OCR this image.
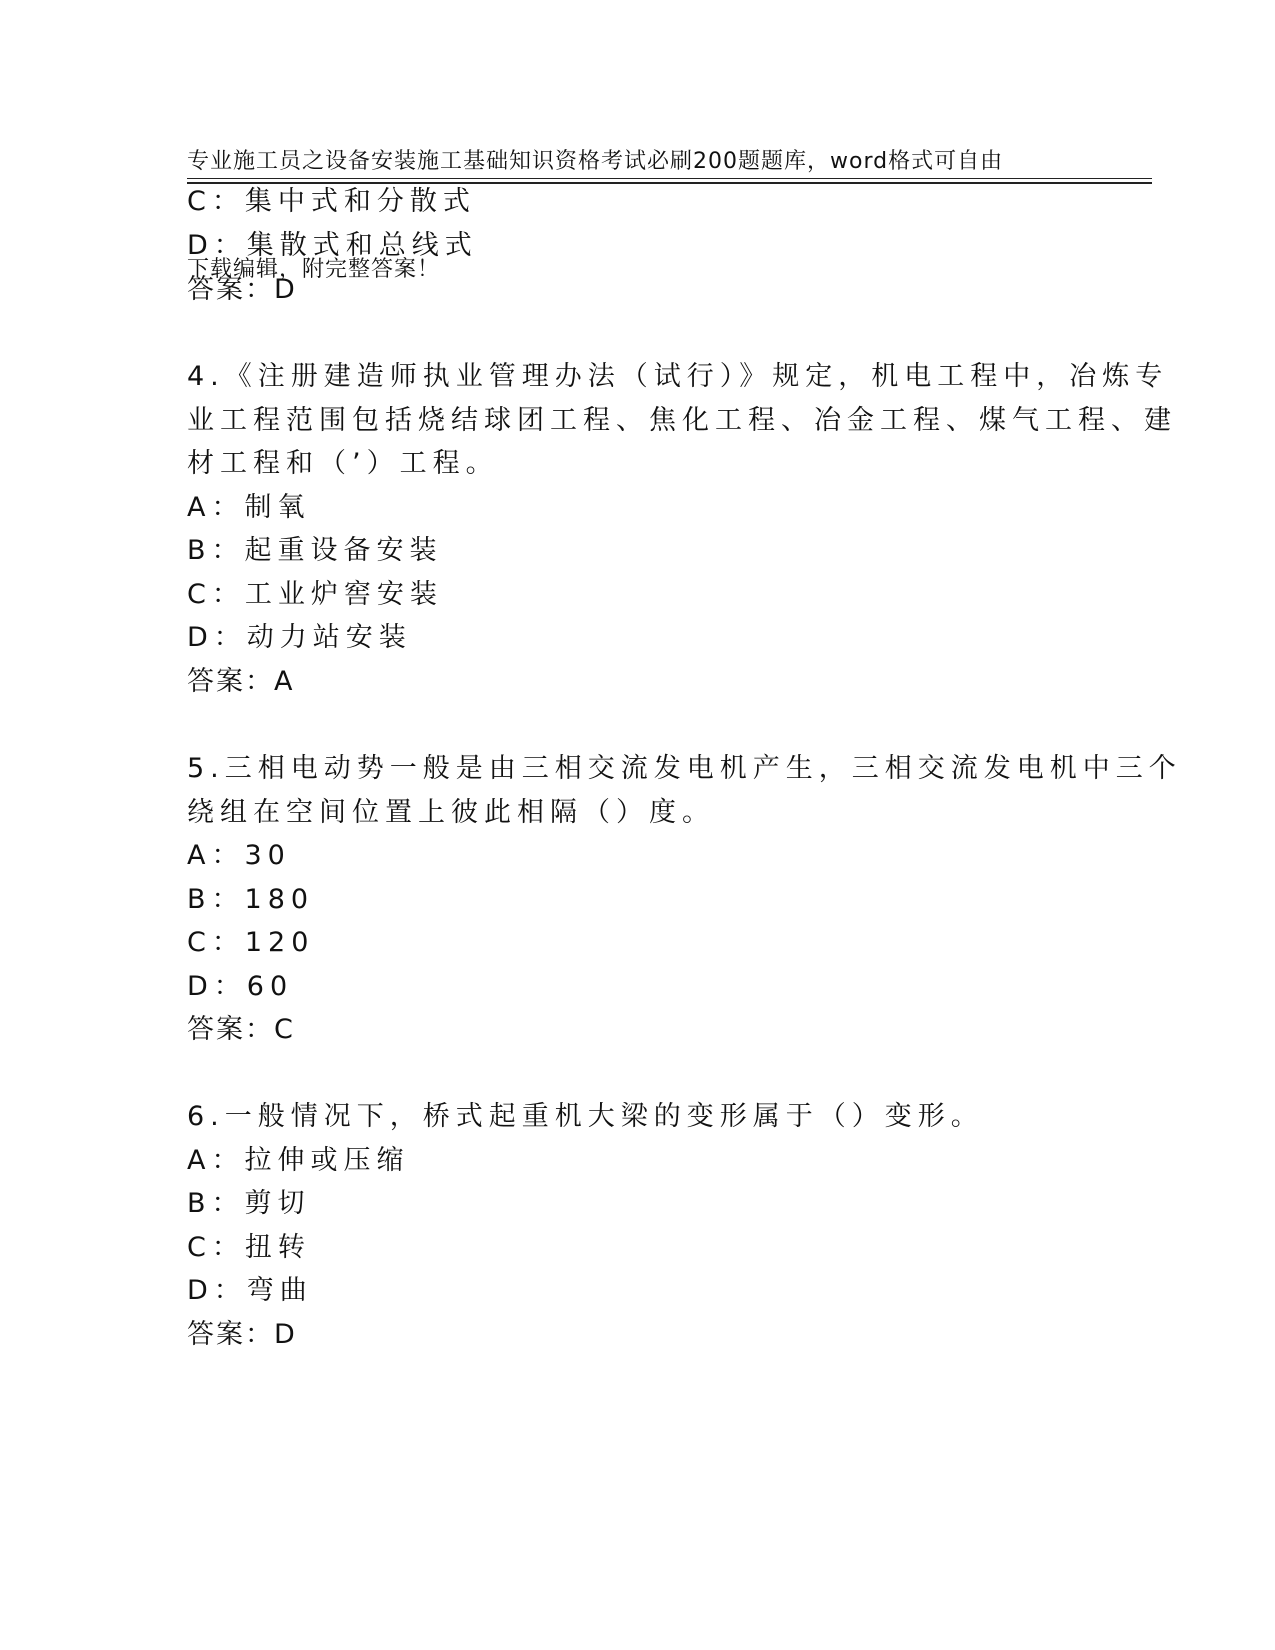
专业施工员之设备安装施工基础知识资格考试必刷200题题库，word格式可自由

下载编辑，附完整答案！

C：集中式和分散式
D：集散式和总线式
答案：D
4.《注册建造师执业管理办法（试行）》规定，机电工程中，冶炼专
业工程范围包括烧结球团工程、焦化工程、冶金工程、煤气工程、建
材工程和（’）工程。
A：制氧
B：起重设备安装
C：工业炉窖安装
D：动力站安装
答案：A
5.三相电动势一般是由三相交流发电机产生，三相交流发电机中三个
绕组在空间位置上彼此相隔（）度。
A：30
B：180
C：120
D：60
答案：C
6.一般情况下，桥式起重机大梁的变形属于（）变形。
A：拉伸或压缩
B：剪切
C：扭转
D：弯曲
答案：D
